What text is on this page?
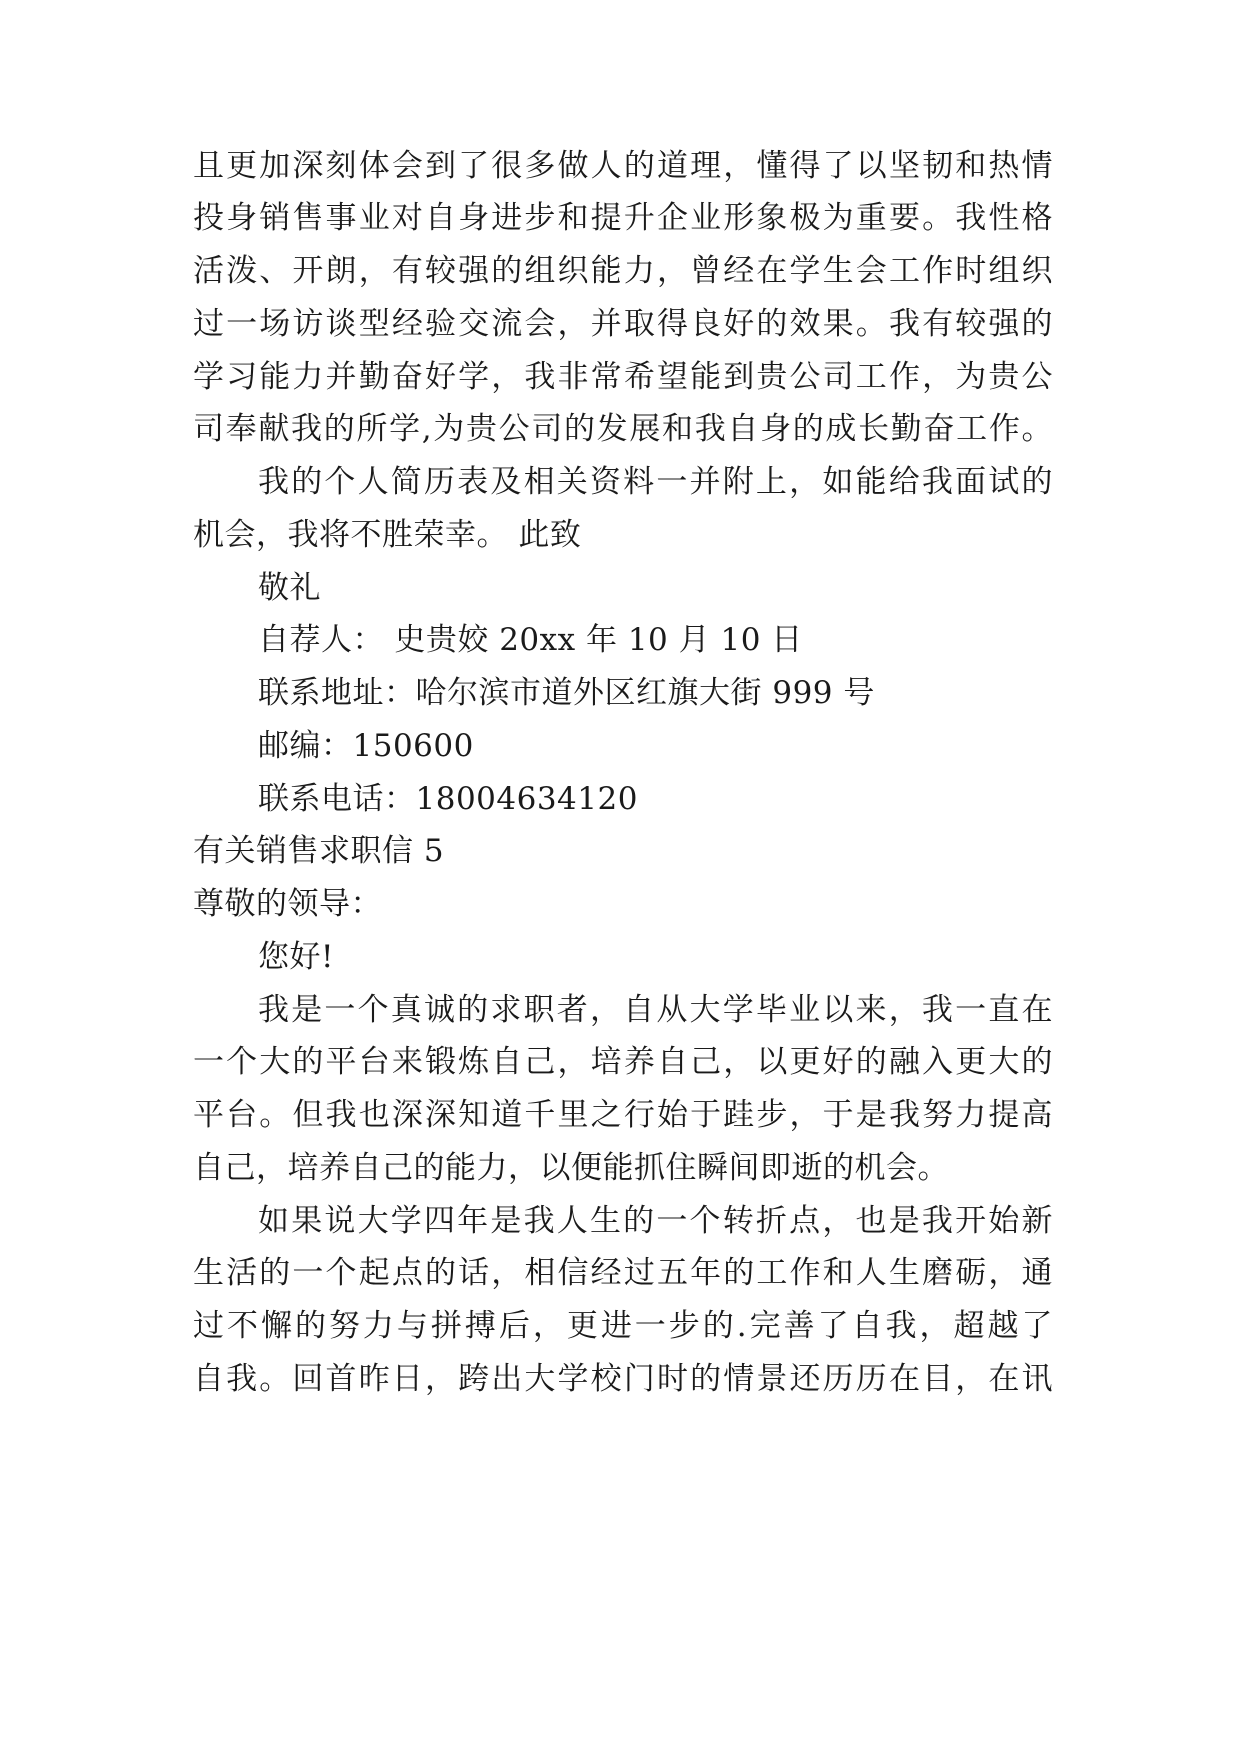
且更加深刻体会到了很多做人的道理，懂得了以坚韧和热情
投身销售事业对自身进步和提升企业形象极为重要。我性格
活泼、开朗，有较强的组织能力，曾经在学生会工作时组织
过一场访谈型经验交流会，并取得良好的效果。我有较强的
学习能力并勤奋好学，我非常希望能到贵公司工作，为贵公
司奉献我的所学,为贵公司的发展和我自身的成长勤奋工作。
我的个人简历表及相关资料一并附上，如能给我面试的
机会，我将不胜荣幸。 此致
敬礼
自荐人： 史贵姣 20xx 年 10 月 10 日
联系地址：哈尔滨市道外区红旗大街 999 号
邮编：150600
联系电话：18004634120
有关销售求职信 5
尊敬的领导：
您好!
我是一个真诚的求职者，自从大学毕业以来，我一直在
一个大的平台来锻炼自己，培养自己，以更好的融入更大的
平台。但我也深深知道千里之行始于跬步，于是我努力提高
自己，培养自己的能力，以便能抓住瞬间即逝的机会。
如果说大学四年是我人生的一个转折点，也是我开始新
生活的一个起点的话，相信经过五年的工作和人生磨砺，通
过不懈的努力与拼搏后，更进一步的.完善了自我，超越了
自我。回首昨日，跨出大学校门时的情景还历历在目，在讯
